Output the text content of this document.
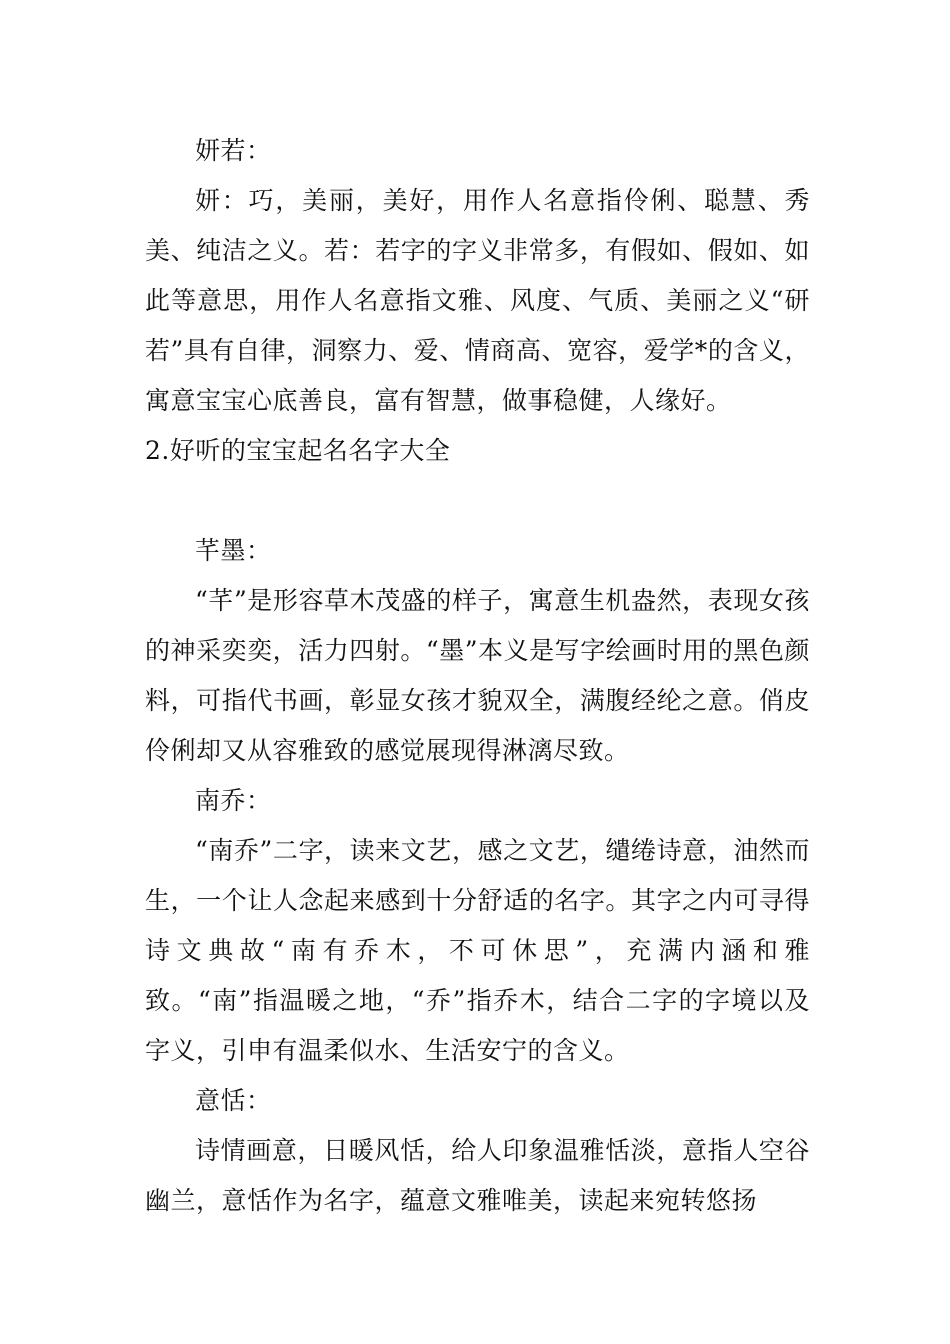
妍若：
妍：巧，美丽，美好，用作人名意指伶俐、聪慧、秀美、纯洁之义。若：若字的字义非常多，有假如、假如、如此等意思，用作人名意指文雅、风度、气质、美丽之义“研若”具有自律，洞察力、爱、情商高、宽容，爱学*的含义，寓意宝宝心底善良，富有智慧，做事稳健，人缘好。
2.好听的宝宝起名名字大全
芊墨：
“芊”是形容草木茂盛的样子，寓意生机盎然，表现女孩的神采奕奕，活力四射。“墨”本义是写字绘画时用的黑色颜料，可指代书画，彰显女孩才貌双全，满腹经纶之意。俏皮伶俐却又从容雅致的感觉展现得淋漓尽致。
南乔：
“南乔”二字，读来文艺，感之文艺，缱绻诗意，油然而生，一个让人念起来感到十分舒适的名字。其字之内可寻得诗文典故“南有乔木，不可休思”，充满内涵和雅致。“南”指温暖之地，“乔”指乔木，结合二字的字境以及字义，引申有温柔似水、生活安宁的含义。
意恬：
诗情画意，日暖风恬，给人印象温雅恬淡，意指人空谷幽兰，意恬作为名字，蕴意文雅唯美，读起来宛转悠扬
